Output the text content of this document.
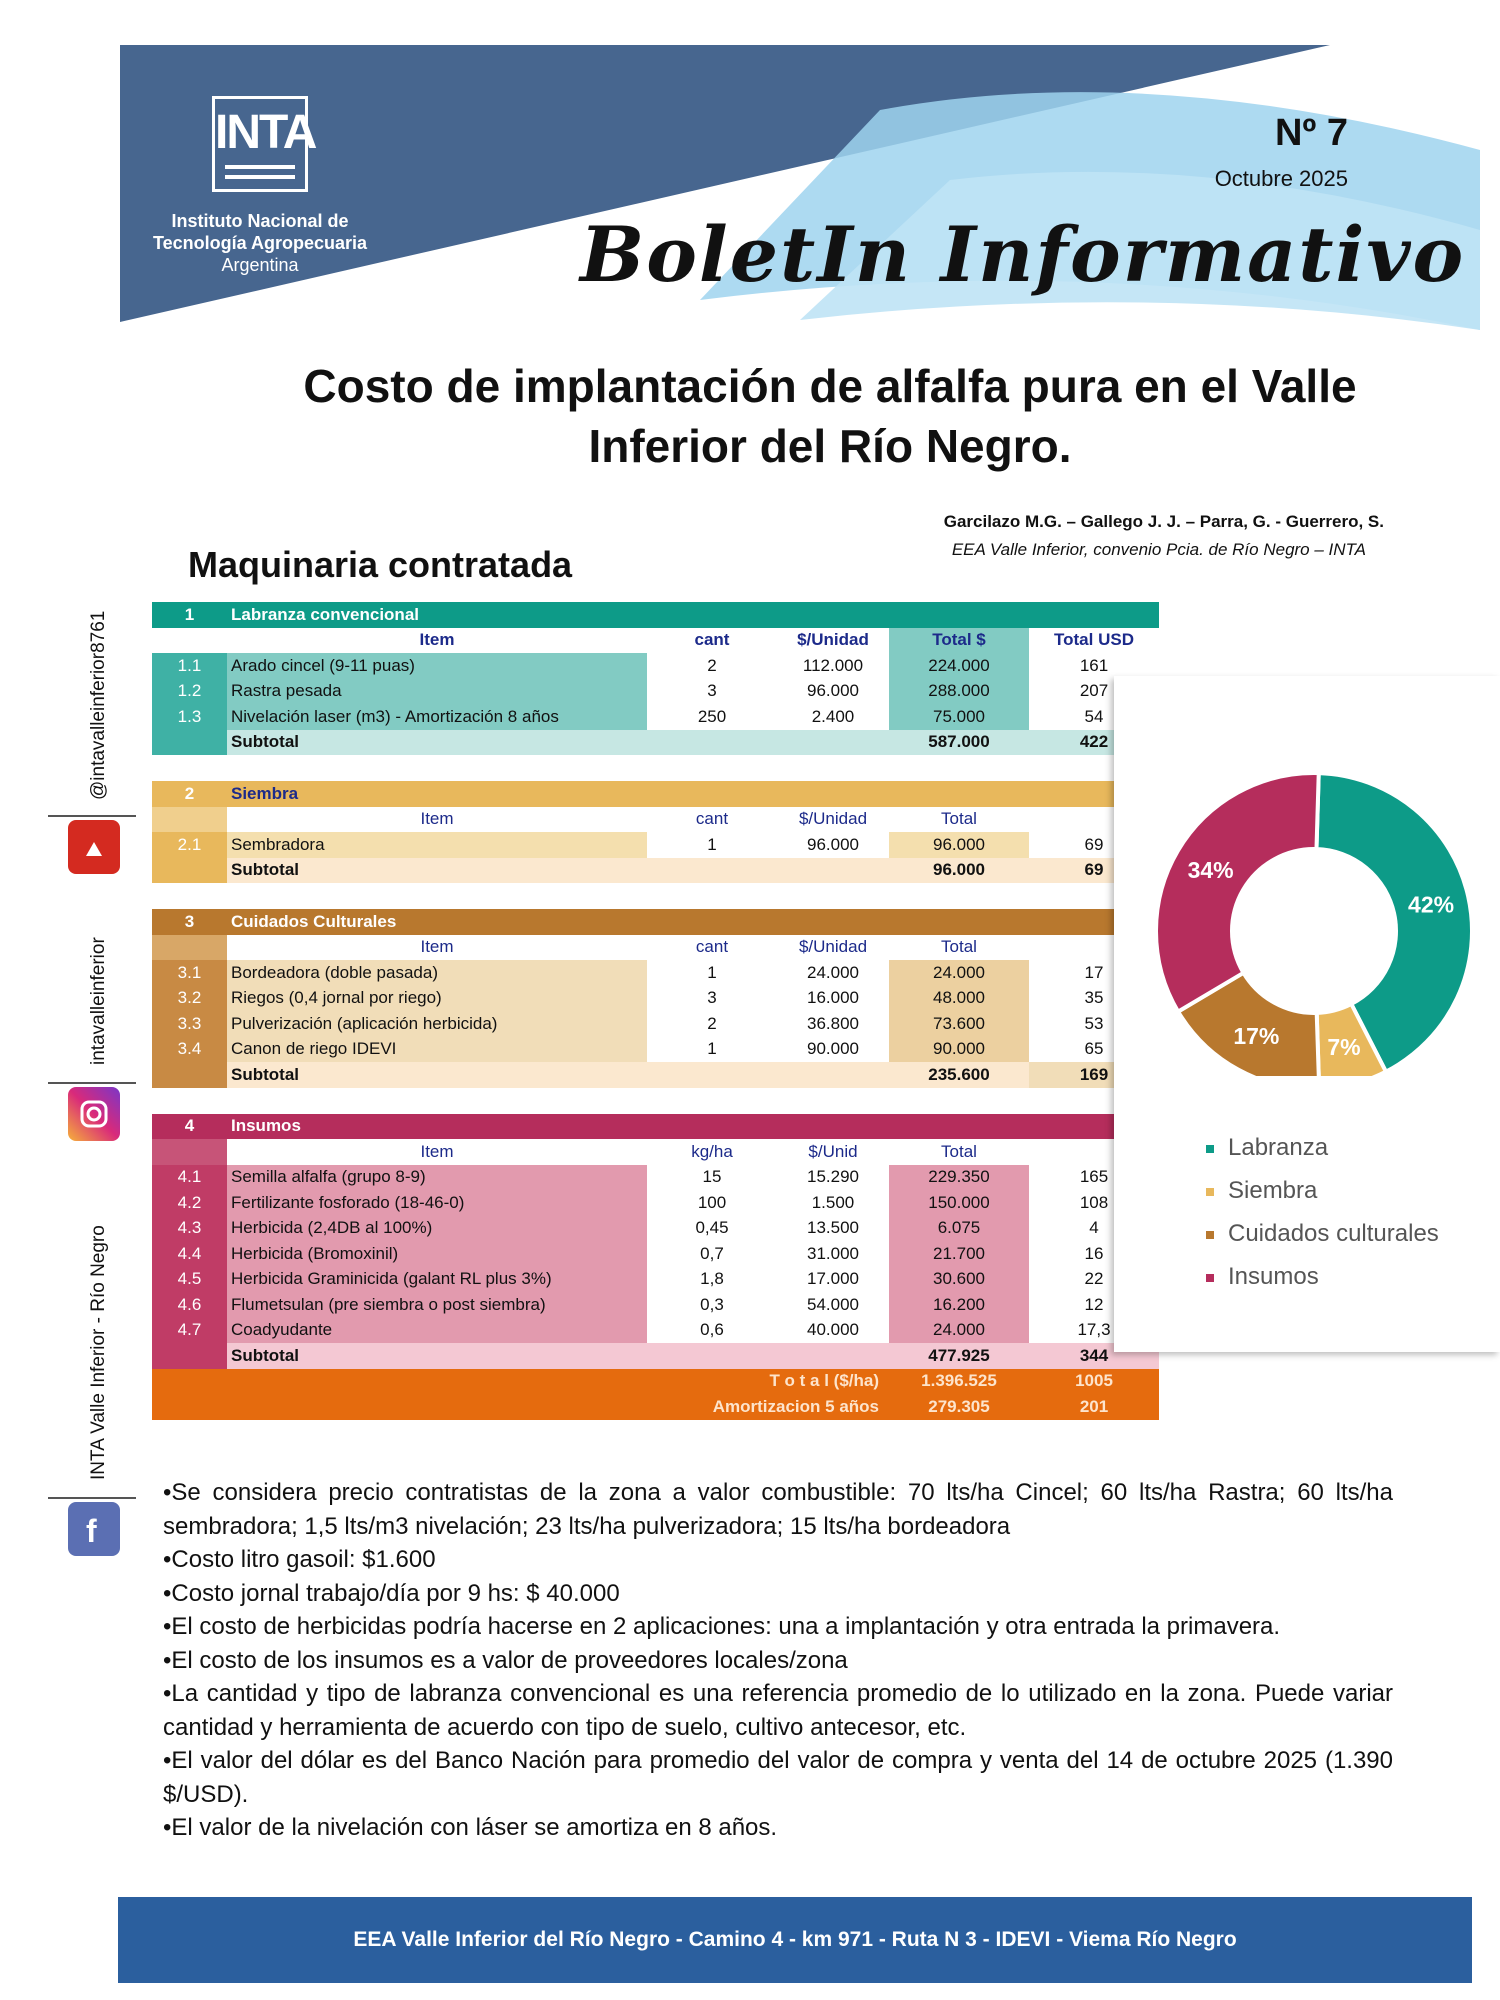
INTA
Instituto Nacional de
Tecnología Agropecuaria
Argentina
Nº 7
Octubre 2025
BoletIn Informativo
Costo de implantación de alfalfa pura en el Valle
Inferior del Río Negro.
Garcilazo M.G. – Gallego J. J. – Parra, G. - Guerrero, S.
EEA Valle Inferior, convenio Pcia. de Río Negro – INTA
Maquinaria contratada
@intavalleinferior8761
intavalleinferior
INTA Valle Inferior - Río Negro
f
1	Labranza convencional				
	Item	cant	$/Unidad	Total $	Total USD
1.1	Arado cincel (9-11 puas)	2	112.000	224.000	161
1.2	Rastra pesada	3	96.000	288.000	207
1.3	Nivelación laser (m3) - Amortización 8 años	250	2.400	75.000	54
	Subtotal			587.000	422

2	Siembra				
	Item	cant	$/Unidad	Total	
2.1	Sembradora	1	96.000	96.000	69
	Subtotal			96.000	69

3	Cuidados Culturales				
	Item	cant	$/Unidad	Total	
3.1	Bordeadora (doble pasada)	1	24.000	24.000	17
3.2	Riegos (0,4 jornal por riego)	3	16.000	48.000	35
3.3	Pulverización (aplicación herbicida)	2	36.800	73.600	53
3.4	Canon de riego IDEVI	1	90.000	90.000	65
	Subtotal			235.600	169

4	Insumos				
	Item	kg/ha	$/Unid	Total	
4.1	Semilla alfalfa (grupo 8-9)	15	15.290	229.350	165
4.2	Fertilizante fosforado (18-46-0)	100	1.500	150.000	108
4.3	Herbicida (2,4DB al 100%)	0,45	13.500	6.075	4
4.4	Herbicida (Bromoxinil)	0,7	31.000	21.700	16
4.5	Herbicida Graminicida (galant RL plus 3%)	1,8	17.000	30.600	22
4.6	Flumetsulan (pre siembra o post siembra)	0,3	54.000	16.200	12
4.7	Coadyudante	0,6	40.000	24.000	17,3
	Subtotal			477.925	344
T o t a l ($/ha)				1.396.525	1005
Amortizacion 5 años				279.305	201
42%
7%
17%
34%
Labranza
Siembra
Cuidados culturales
Insumos
•Se considera precio contratistas de la zona a valor combustible: 70 lts/ha Cincel; 60 lts/ha Rastra; 60 lts/ha sembradora; 1,5 lts/m3 nivelación; 23 lts/ha pulverizadora; 15 lts/ha bordeadora
•Costo litro gasoil: $1.600
•Costo jornal trabajo/día por 9 hs: $ 40.000
•El costo de herbicidas podría hacerse en 2 aplicaciones: una a implantación y otra entrada la primavera.
•El costo de los insumos es a valor de proveedores locales/zona
•La cantidad y tipo de labranza convencional es una referencia promedio de lo utilizado en la zona. Puede variar cantidad y herramienta de acuerdo con tipo de suelo, cultivo antecesor, etc.
•El valor del dólar es del Banco Nación para promedio del valor de compra y venta del 14 de octubre 2025 (1.390 $/USD).
•El valor de la nivelación con láser se amortiza en 8 años.
EEA Valle Inferior del Río Negro - Camino 4 - km 971 - Ruta N 3 - IDEVI - Viema Río Negro
